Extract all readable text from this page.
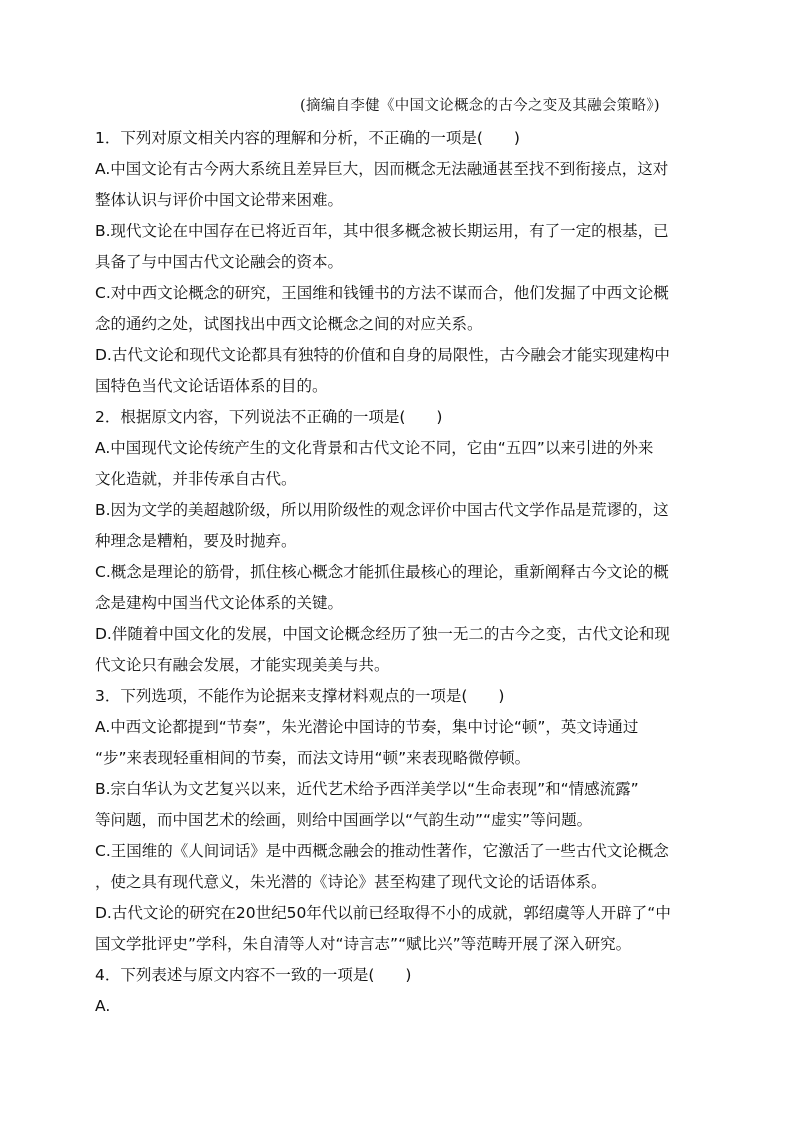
(摘编自李健《中国文论概念的古今之变及其融会策略》)
1．下列对原文相关内容的理解和分析，不正确的一项是(　　)
A.中国文论有古今两大系统且差异巨大，因而概念无法融通甚至找不到衔接点，这对
整体认识与评价中国文论带来困难。
B.现代文论在中国存在已将近百年，其中很多概念被长期运用，有了一定的根基，已
具备了与中国古代文论融会的资本。
C.对中西文论概念的研究，王国维和钱锺书的方法不谋而合，他们发掘了中西文论概
念的通约之处，试图找出中西文论概念之间的对应关系。
D.古代文论和现代文论都具有独特的价值和自身的局限性，古今融会才能实现建构中
国特色当代文论话语体系的目的。
2．根据原文内容，下列说法不正确的一项是(　　)
A.中国现代文论传统产生的文化背景和古代文论不同，它由“五四”以来引进的外来
文化造就，并非传承自古代。
B.因为文学的美超越阶级，所以用阶级性的观念评价中国古代文学作品是荒谬的，这
种理念是糟粕，要及时抛弃。
C.概念是理论的筋骨，抓住核心概念才能抓住最核心的理论，重新阐释古今文论的概
念是建构中国当代文论体系的关键。
D.伴随着中国文化的发展，中国文论概念经历了独一无二的古今之变，古代文论和现
代文论只有融会发展，才能实现美美与共。
3．下列选项，不能作为论据来支撑材料观点的一项是(　　)
A.中西文论都提到“节奏”，朱光潜论中国诗的节奏，集中讨论“顿”，英文诗通过
“步”来表现轻重相间的节奏，而法文诗用“顿”来表现略微停顿。
B.宗白华认为文艺复兴以来，近代艺术给予西洋美学以“生命表现”和“情感流露”
等问题，而中国艺术的绘画，则给中国画学以“气韵生动”“虚实”等问题。
C.王国维的《人间词话》是中西概念融会的推动性著作，它激活了一些古代文论概念
，使之具有现代意义，朱光潜的《诗论》甚至构建了现代文论的话语体系。
D.古代文论的研究在20世纪50年代以前已经取得不小的成就，郭绍虞等人开辟了“中
国文学批评史”学科，朱自清等人对“诗言志”“赋比兴”等范畴开展了深入研究。
4．下列表述与原文内容不一致的一项是(　　)
A.
